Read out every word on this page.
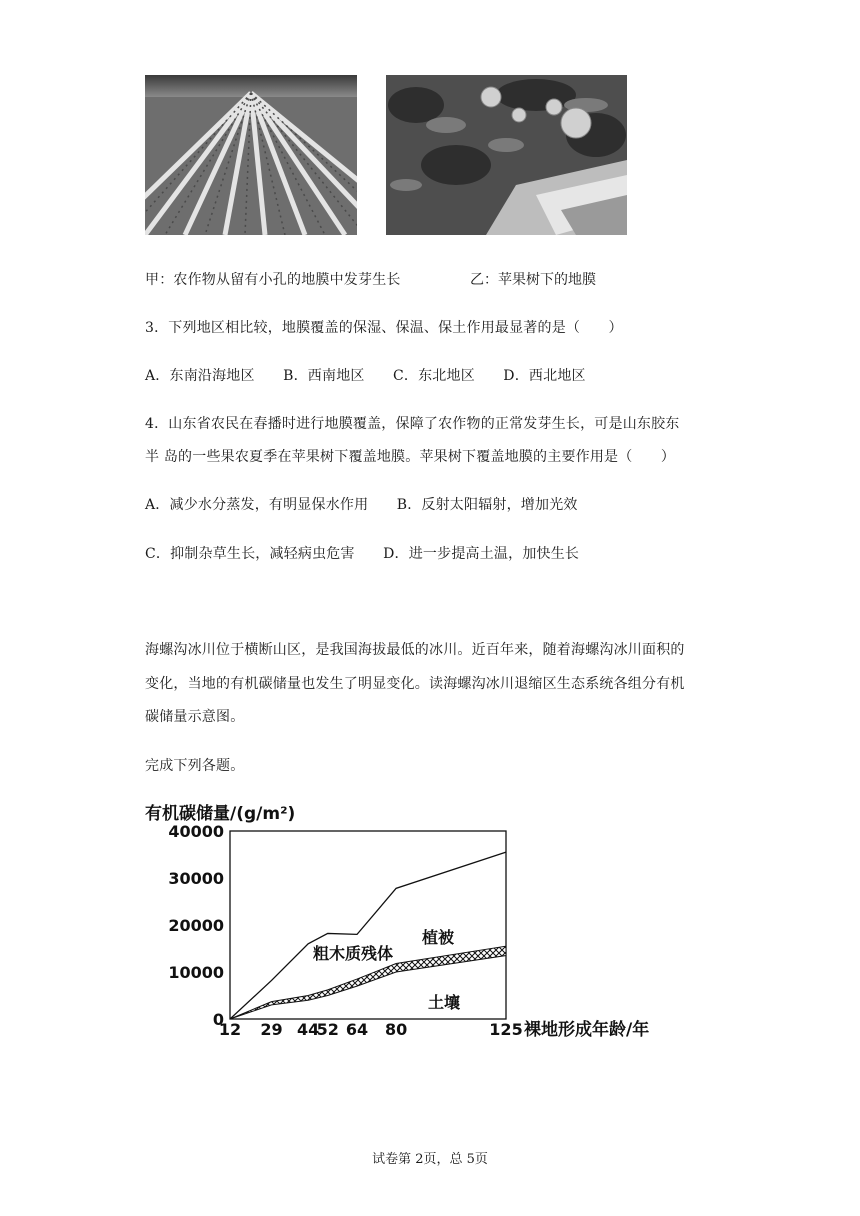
甲：农作物从留有小孔的地膜中发芽生长	乙：苹果树下的地膜
3．下列地区相比较，地膜覆盖的保湿、保温、保土作用最显著的是（　　）
A．东南沿海地区　　B．西南地区　　C．东北地区　　D．西北地区
4．山东省农民在春播时进行地膜覆盖，保障了农作物的正常发芽生长，可是山东胶东
半 岛的一些果农夏季在苹果树下覆盖地膜。苹果树下覆盖地膜的主要作用是（　　）
A．减少水分蒸发，有明显保水作用　　B．反射太阳辐射，增加光效
C．抑制杂草生长，减轻病虫危害　　D．进一步提高土温，加快生长
海螺沟冰川位于横断山区，是我国海拔最低的冰川。近百年来，随着海螺沟冰川面积的
变化，当地的有机碳储量也发生了明显变化。读海螺沟冰川退缩区生态系统各组分有机
碳储量示意图。
完成下列各题。
有机碳储量/(g/m²)
0
10000
20000
30000
40000
12 29 44
52 64 80	125
粗木质残体
植被
土壤
裸地形成年龄/年
试卷第 2页，总 5页
